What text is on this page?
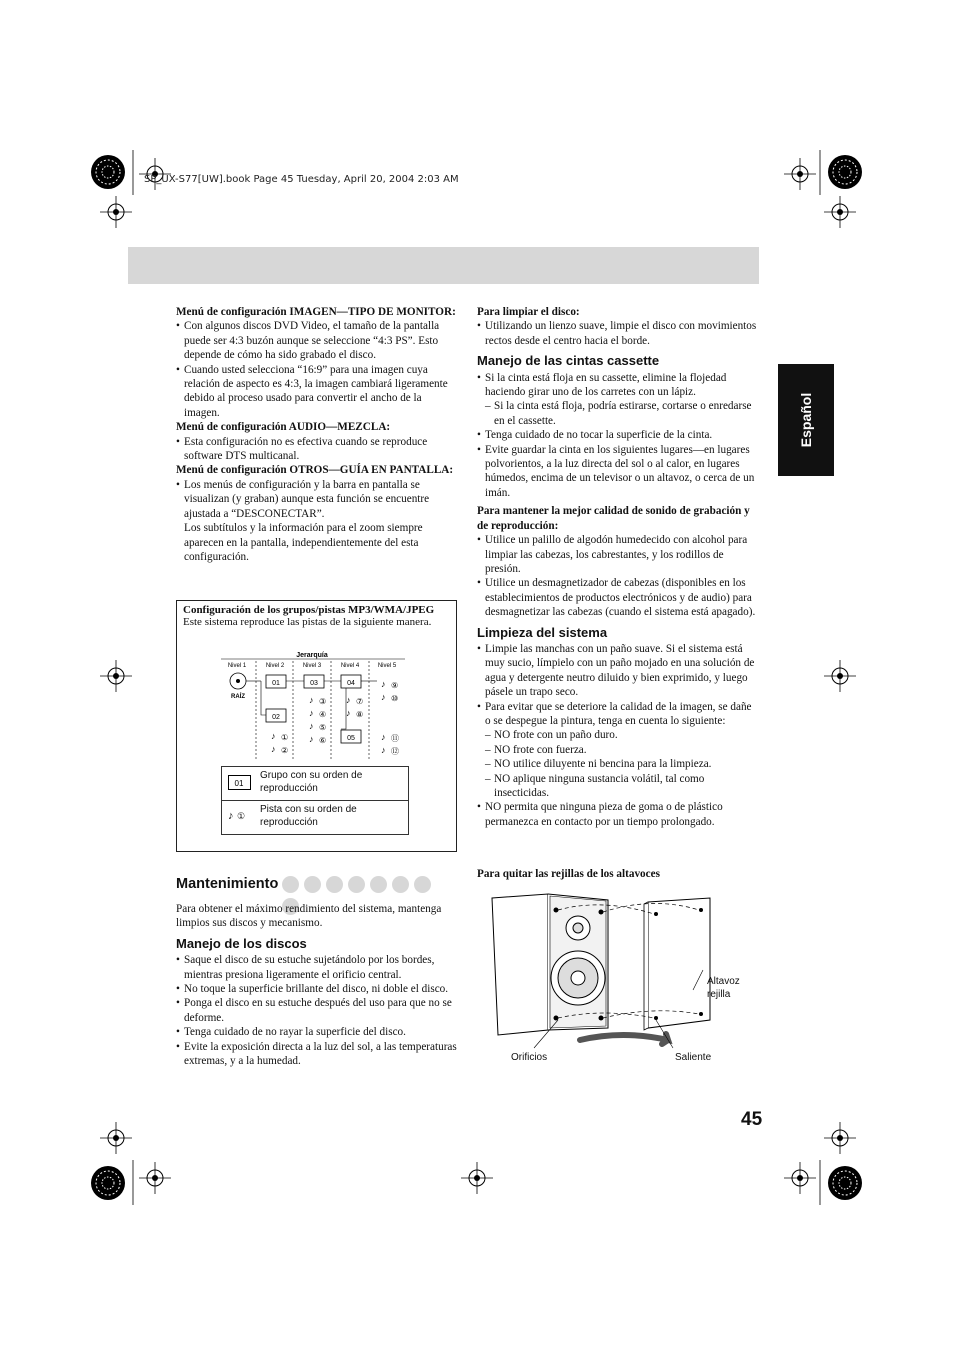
SP_UX-S77[UW].book Page 45 Tuesday, April 20, 2004 2:03 AM
Español

Menú de configuración IMAGEN—TIPO DE MONITOR:

• Con algunos discos DVD Video, el tamaño de la pantalla puede ser 4:3 buzón aunque se seleccione “4:3 PS”. Esto depende de cómo ha sido grabado el disco.
• Cuando usted selecciona “16:9” para una imagen cuya relación de aspecto es 4:3, la imagen cambiará ligeramente debido al proceso usado para convertir el ancho de la imagen.

Menú de configuración AUDIO—MEZCLA:

• Esta configuración no es efectiva cuando se reproduce software DTS multicanal.

Menú de configuración OTROS—GUÍA EN PANTALLA:

• Los menús de configuración y la barra en pantalla se visualizan (y graban) aunque esta función se encuentre ajustada a “DESCONECTAR”.

Los subtítulos y la información para el zoom siempre aparecen en la pantalla, independientemente del esta configuración.

Configuración de los grupos/pistas MP3/WMA/JPEG
Este sistema reproduce las pistas de la siguiente manera.
Jerarquía
Nivel 1	Nivel 2	Nivel 3	Nivel 4	Nivel 5
RAÍZ
01
02
03	04
05
♪ ①
♪ ②
♪ ③
♪ ④
♪ ⑤
♪ ⑥
♪ ⑦
♪ ⑧
♪ ⑨
♪ ⑩
♪ ⑪
♪ ⑫
01
Grupo con su orden de reproducción
♪ ①
Pista con su orden de reproducción
Mantenimiento

Para obtener el máximo rendimiento del sistema, mantenga limpios sus discos y mecanismo.

Manejo de los discos
• Saque el disco de su estuche sujetándolo por los bordes, mientras presiona ligeramente el orificio central.
• No toque la superficie brillante del disco, ni doble el disco.
• Ponga el disco en su estuche después del uso para que no se deforme.
• Tenga cuidado de no rayar la superficie del disco.
• Evite la exposición directa a la luz del sol, a las temperaturas extremas, y a la humedad.

Para limpiar el disco:

• Utilizando un lienzo suave, limpie el disco con movimientos rectos desde el centro hacia el borde.
Manejo de las cintas cassette
• Si la cinta está floja en su cassette, elimine la flojedad haciendo girar uno de los carretes con un lápiz.
– Si la cinta está floja, podría estirarse, cortarse o enredarse en el cassette.
• Tenga cuidado de no tocar la superficie de la cinta.
• Evite guardar la cinta en los siguientes lugares—en lugares polvorientos, a la luz directa del sol o al calor, en lugares húmedos, encima de un televisor o un altavoz, o cerca de un imán.

Para mantener la mejor calidad de sonido de grabación y de reproducción:

• Utilice un palillo de algodón humedecido con alcohol para limpiar las cabezas, los cabrestantes, y los rodillos de presión.
• Utilice un desmagnetizador de cabezas (disponibles en los establecimientos de productos electrónicos y de audio) para desmagnetizar las cabezas (cuando el sistema está apagado).
Limpieza del sistema
• Limpie las manchas con un paño suave. Si el sistema está muy sucio, límpielo con un paño mojado en una solución de agua y detergente neutro diluido y bien exprimido, y luego pásele un trapo seco.
• Para evitar que se deteriore la calidad de la imagen, se dañe o se despegue la pintura, tenga en cuenta lo siguiente:
– NO frote con un paño duro.
– NO frote con fuerza.
– NO utilice diluyente ni bencina para la limpieza.
– NO aplique ninguna sustancia volátil, tal como insecticidas.
• NO permita que ninguna pieza de goma o de plástico permanezca en contacto por un tiempo prolongado.
Para quitar las rejillas de los altavoces
Altavoz
rejilla
Orificios	Saliente
45
